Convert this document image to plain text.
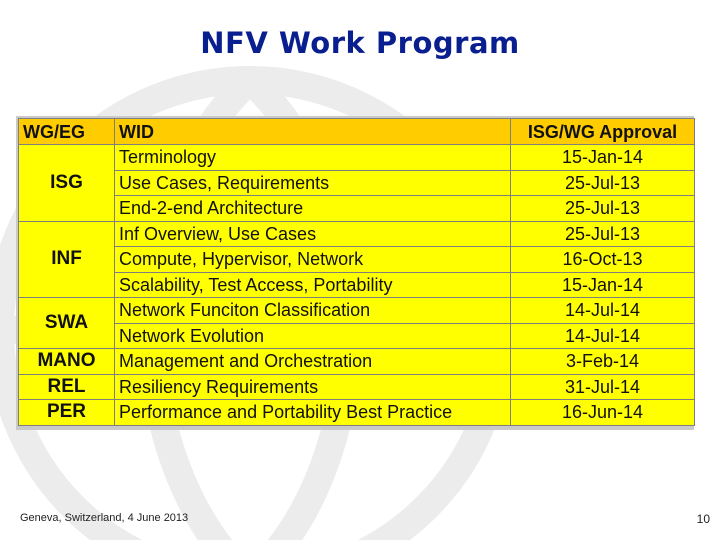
NFV Work Program
WG/EG	WID	ISG/WG Approval
ISG	Terminology	15-Jan-14
	Use Cases, Requirements	25-Jul-13
	End-2-end Architecture	25-Jul-13
INF	Inf Overview, Use Cases	25-Jul-13
	Compute, Hypervisor, Network	16-Oct-13
	Scalability, Test Access, Portability	15-Jan-14
SWA	Network Funciton Classification	14-Jul-14
	Network Evolution	14-Jul-14
MANO	Management and Orchestration	3-Feb-14
REL	Resiliency Requirements	31-Jul-14
PER	Performance and Portability Best Practice	16-Jun-14
Geneva, Switzerland, 4 June 2013	10
